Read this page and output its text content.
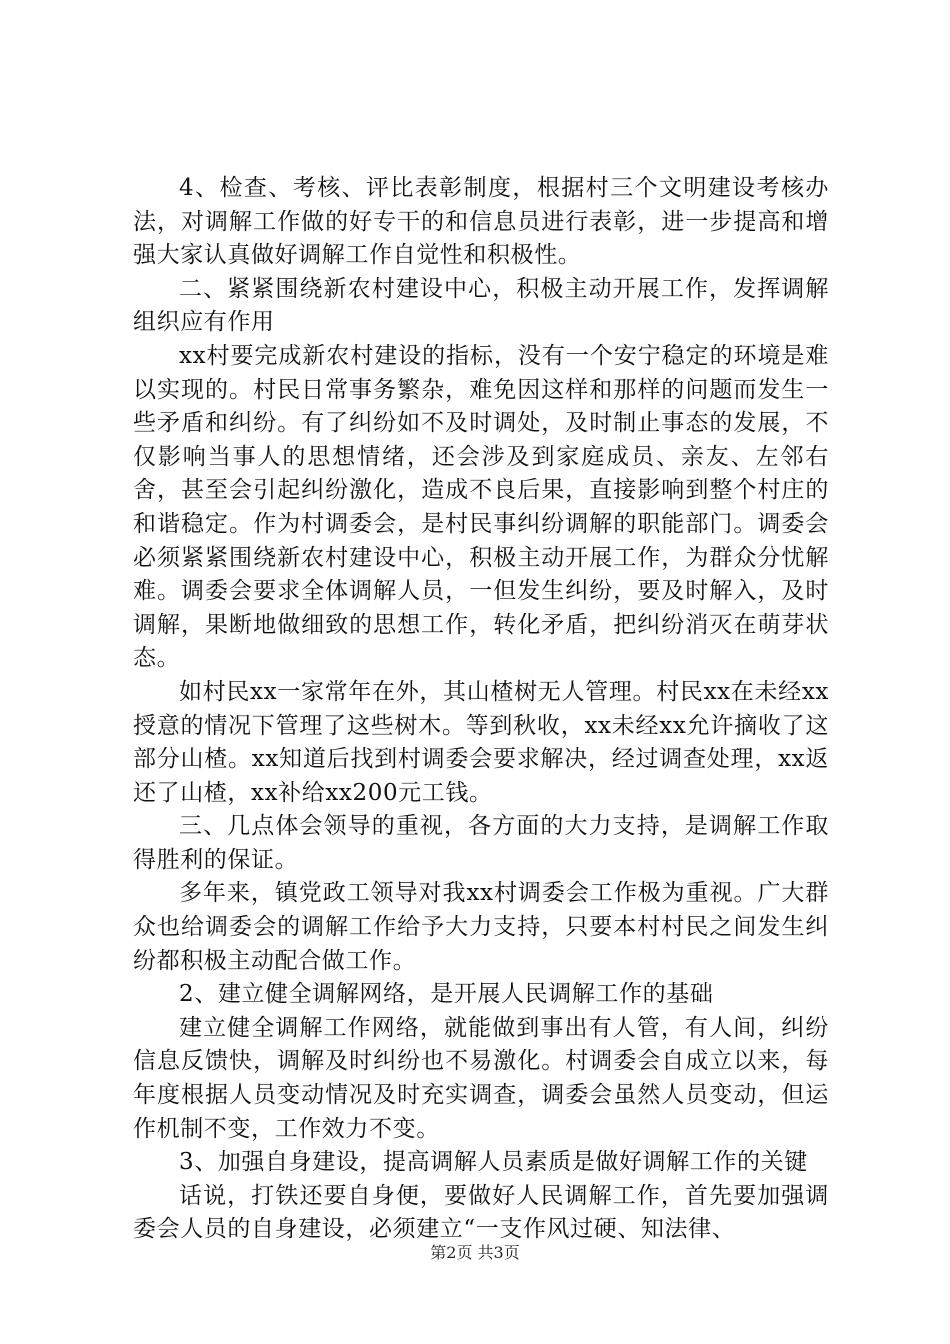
4、检查、考核、评比表彰制度，根据村三个文明建设考核办法，对调解工作做的好专干的和信息员进行表彰，进一步提高和增强大家认真做好调解工作自觉性和积极性。

二、紧紧围绕新农村建设中心，积极主动开展工作，发挥调解组织应有作用

xx村要完成新农村建设的指标，没有一个安宁稳定的环境是难以实现的。村民日常事务繁杂，难免因这样和那样的问题而发生一些矛盾和纠纷。有了纠纷如不及时调处，及时制止事态的发展，不仅影响当事人的思想情绪，还会涉及到家庭成员、亲友、左邻右舍，甚至会引起纠纷激化，造成不良后果，直接影响到整个村庄的和谐稳定。作为村调委会，是村民事纠纷调解的职能部门。调委会必须紧紧围绕新农村建设中心，积极主动开展工作，为群众分忧解难。调委会要求全体调解人员，一但发生纠纷，要及时解入，及时调解，果断地做细致的思想工作，转化矛盾，把纠纷消灭在萌芽状态。

如村民xx一家常年在外，其山楂树无人管理。村民xx在未经xx授意的情况下管理了这些树木。等到秋收，xx未经xx允许摘收了这部分山楂。xx知道后找到村调委会要求解决，经过调查处理，xx返还了山楂，xx补给xx200元工钱。

三、几点体会领导的重视，各方面的大力支持，是调解工作取得胜利的保证。

多年来，镇党政工领导对我xx村调委会工作极为重视。广大群众也给调委会的调解工作给予大力支持，只要本村村民之间发生纠纷都积极主动配合做工作。

2、建立健全调解网络，是开展人民调解工作的基础

建立健全调解工作网络，就能做到事出有人管，有人间，纠纷信息反馈快，调解及时纠纷也不易激化。村调委会自成立以来，每年度根据人员变动情况及时充实调查，调委会虽然人员变动，但运作机制不变，工作效力不变。

3、加强自身建设，提高调解人员素质是做好调解工作的关键

话说，打铁还要自身便，要做好人民调解工作，首先要加强调委会人员的自身建设，必须建立“一支作风过硬、知法律、

第2页 共3页
